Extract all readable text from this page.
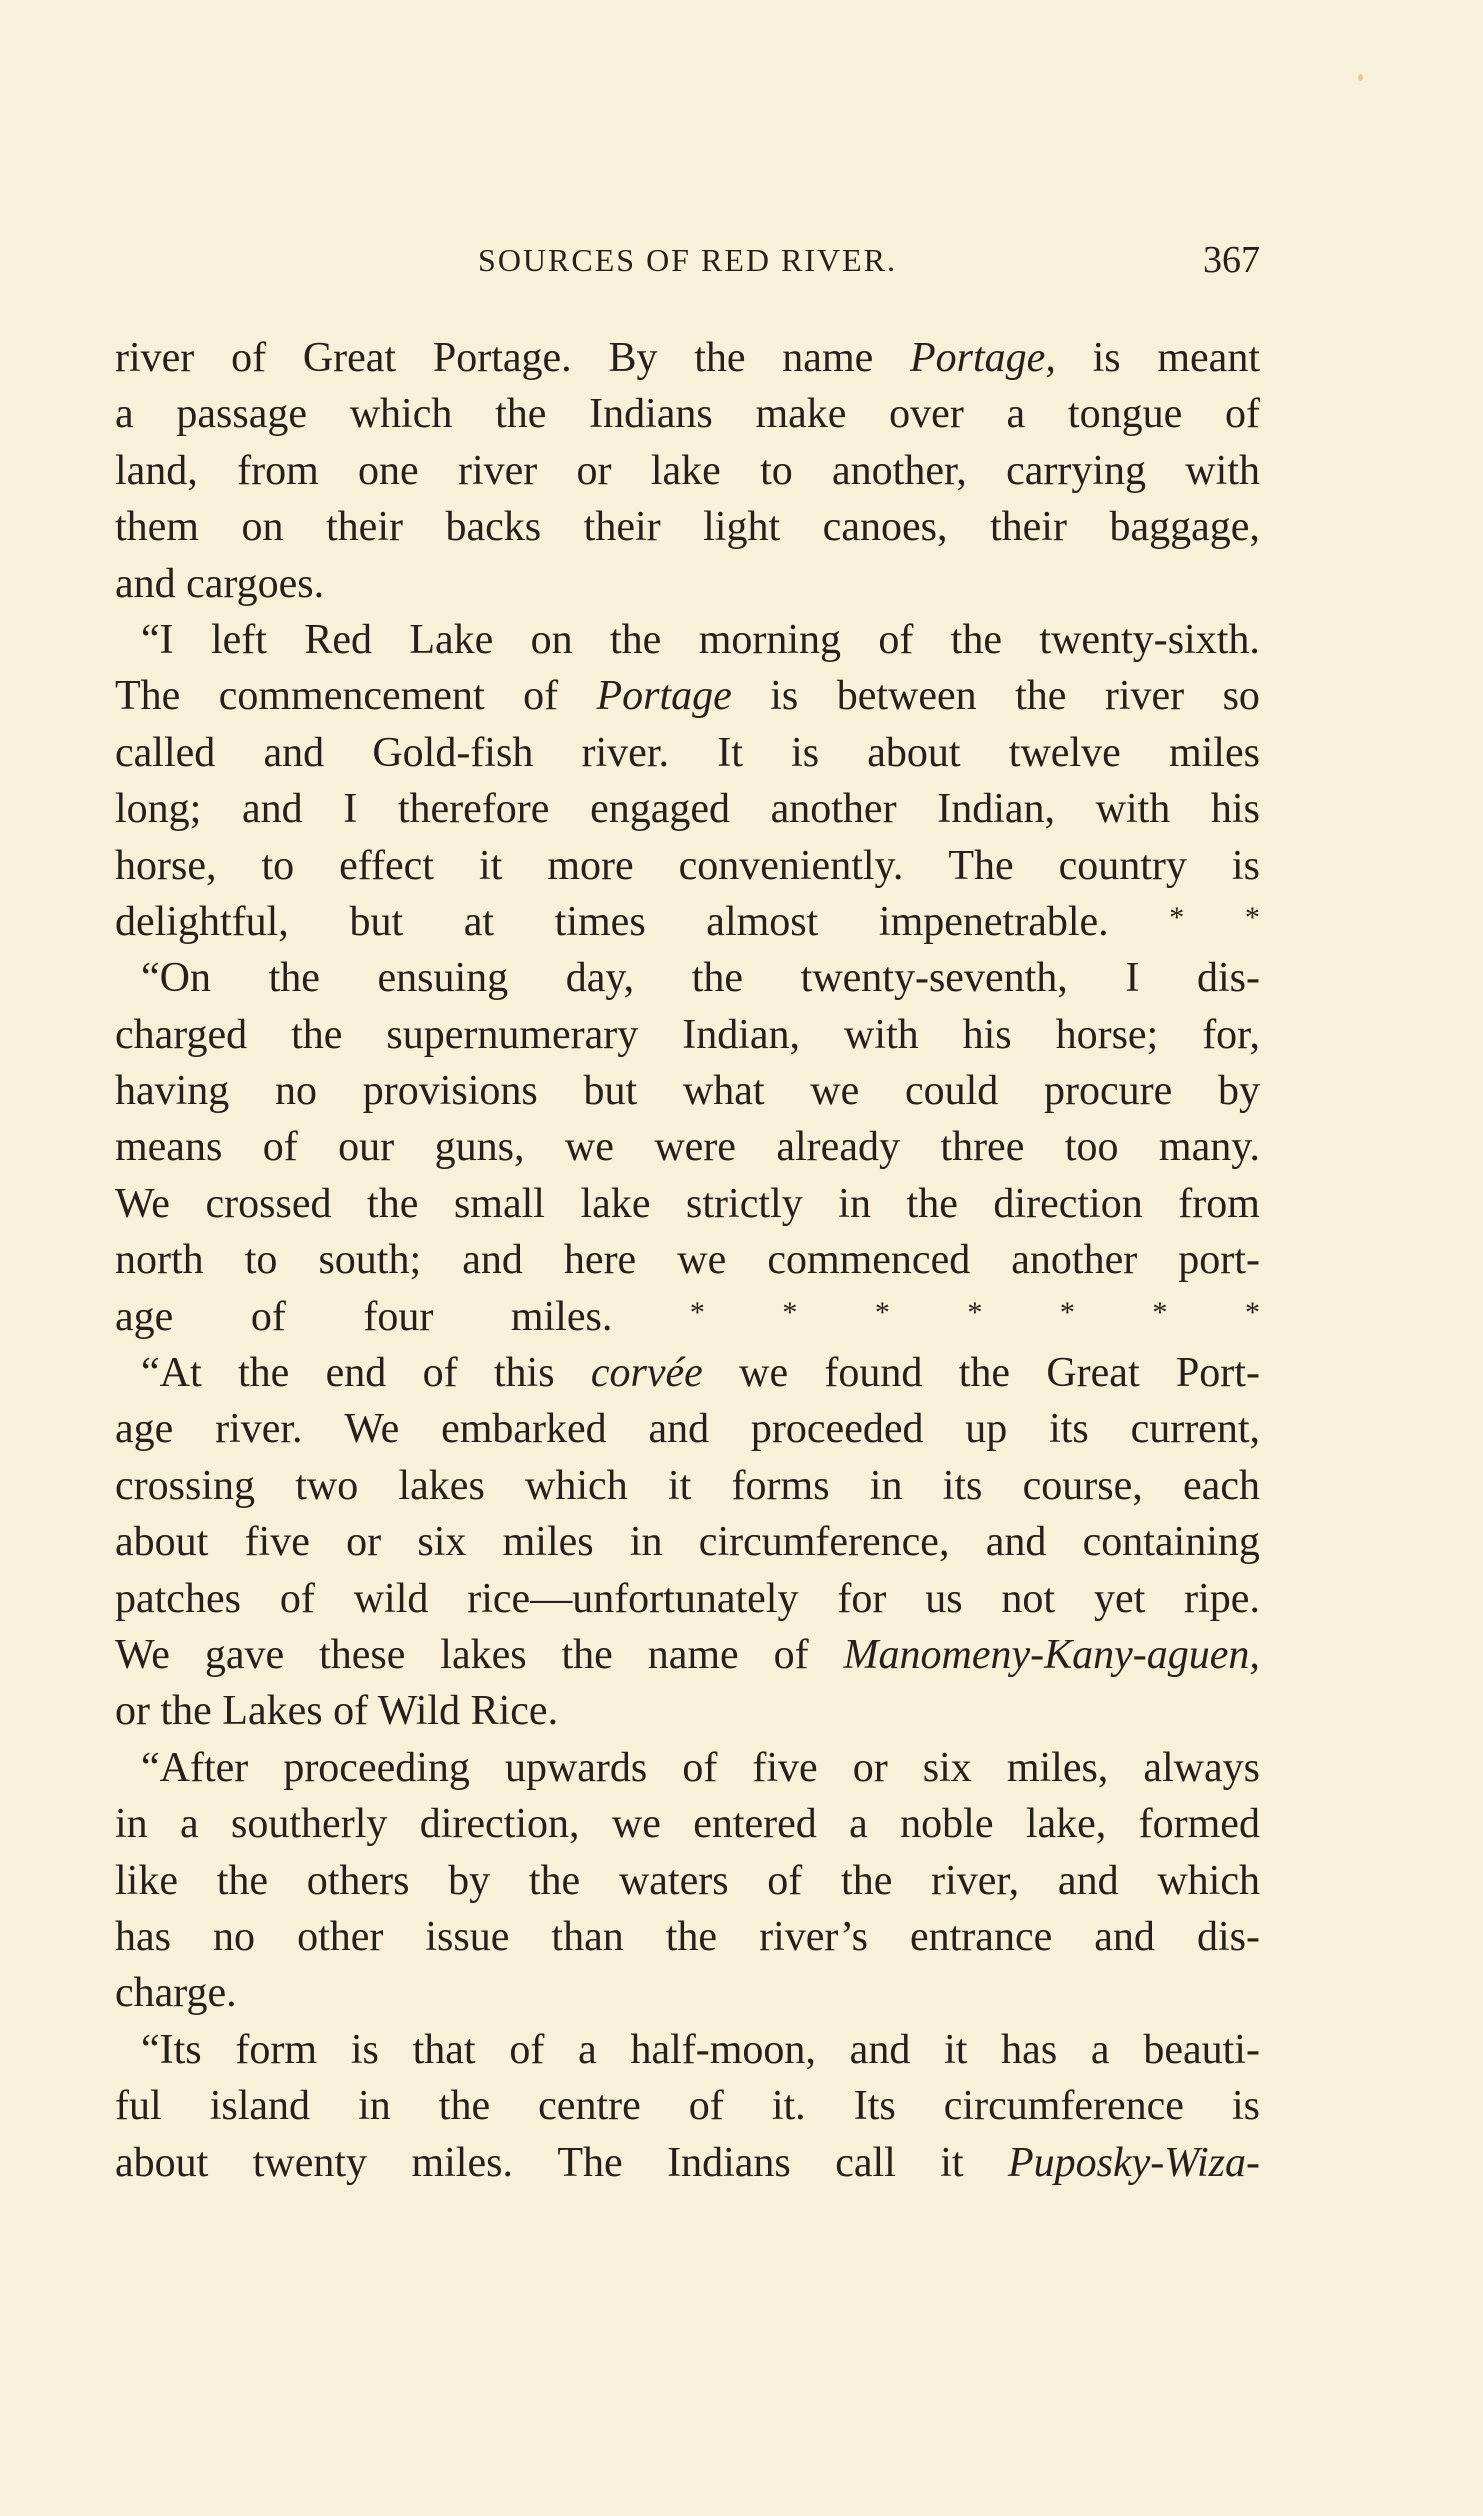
SOURCES OF RED RIVER.	367
river of Great Portage. By the name Portage, is meant
a passage which the Indians make over a tongue of
land, from one river or lake to another, carrying with
them on their backs their light canoes, their baggage,
and cargoes.
“I left Red Lake on the morning of the twenty-sixth.
The commencement of Portage is between the river so
called and Gold-fish river. It is about twelve miles
long; and I therefore engaged another Indian, with his
horse, to effect it more conveniently. The country is
delightful, but at times almost impenetrable. * *
“On the ensuing day, the twenty-seventh, I dis-
charged the supernumerary Indian, with his horse; for,
having no provisions but what we could procure by
means of our guns, we were already three too many.
We crossed the small lake strictly in the direction from
north to south; and here we commenced another port-
age of four miles.	*	*	*	*	*	*	*
“At the end of this corvée we found the Great Port-
age river. We embarked and proceeded up its current,
crossing two lakes which it forms in its course, each
about five or six miles in circumference, and containing
patches of wild rice—unfortunately for us not yet ripe.
We gave these lakes the name of Manomeny-Kany-aguen,
or the Lakes of Wild Rice.
“After proceeding upwards of five or six miles, always
in a southerly direction, we entered a noble lake, formed
like the others by the waters of the river, and which
has no other issue than the river’s entrance and dis-
charge.
“Its form is that of a half-moon, and it has a beauti-
ful island in the centre of it. Its circumference is
about twenty miles. The Indians call it Puposky-Wiza-
